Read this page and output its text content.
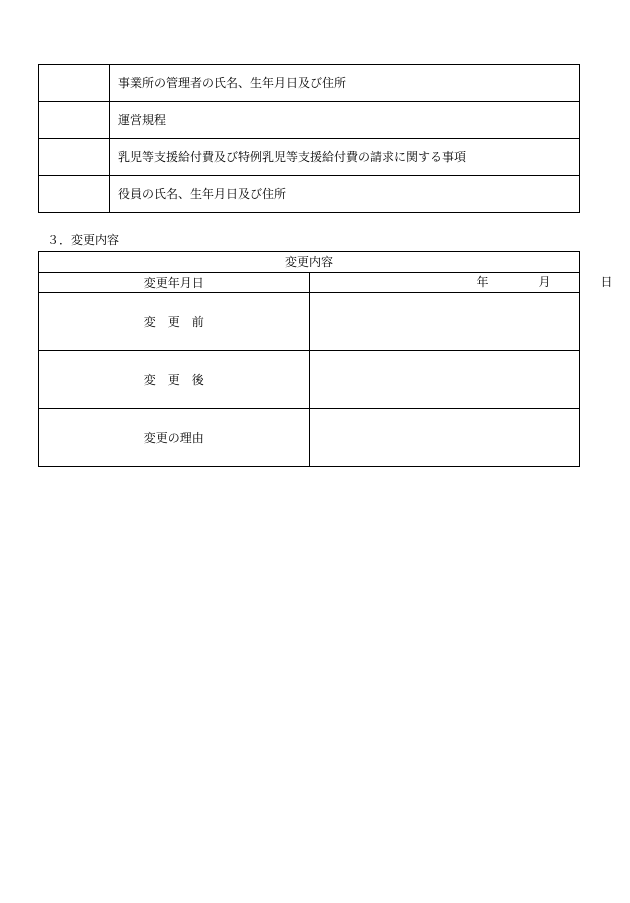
	事業所の管理者の氏名、生年月日及び住所
	運営規程
	乳児等支援給付費及び特例乳児等支援給付費の請求に関する事項
	役員の氏名、生年月日及び住所
３．変更内容
変更内容	
変更年月日	年 月 日

変 更 前	

変 更 後	

変更の理由	
